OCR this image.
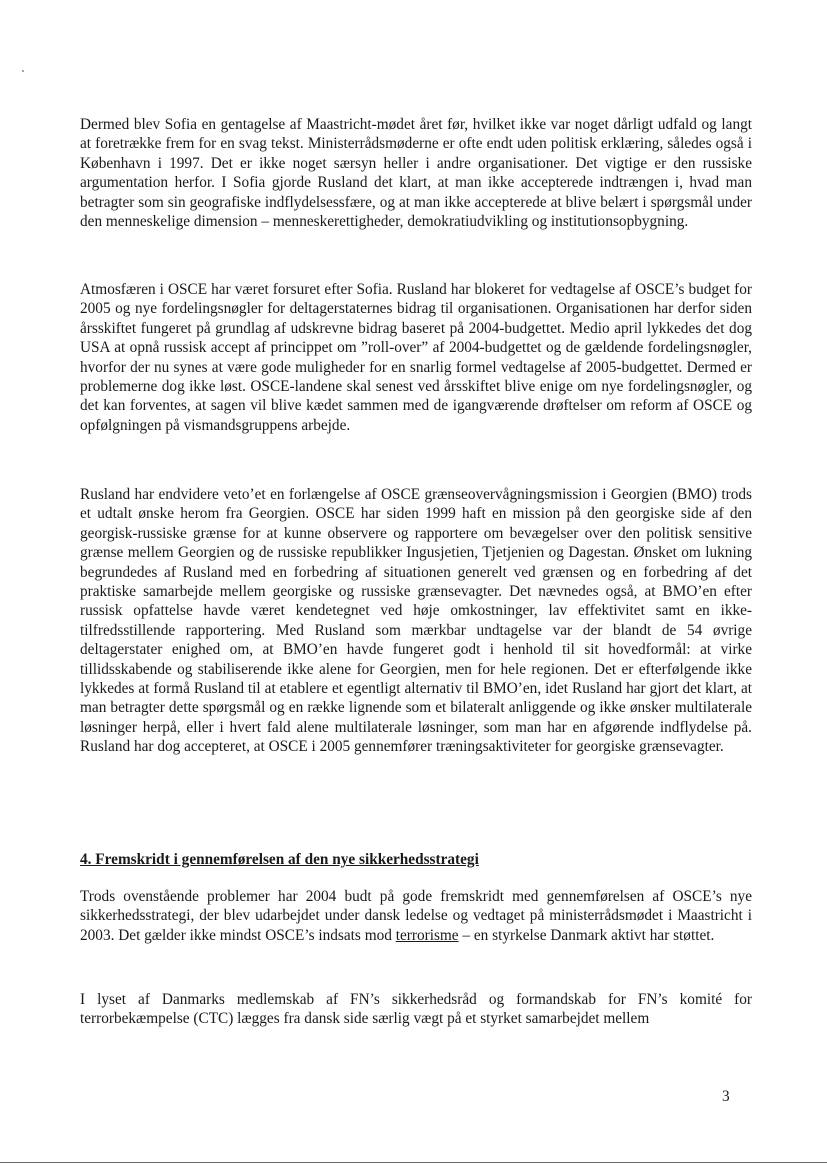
Dermed blev Sofia en gentagelse af Maastricht-mødet året før, hvilket ikke var noget dårligt udfald og langt at foretrække frem for en svag tekst. Ministerrådsmøderne er ofte endt uden politisk erklæring, således også i København i 1997. Det er ikke noget særsyn heller i andre organisationer. Det vigtige er den russiske argumentation herfor. I Sofia gjorde Rusland det klart, at man ikke accepterede indtrængen i, hvad man betragter som sin geografiske indflydelsessfære, og at man ikke accepterede at blive belært i spørgsmål under den menneskelige dimension – menneskerettigheder, demokratiudvikling og institutionsopbygning.

Atmosfæren i OSCE har været forsuret efter Sofia. Rusland har blokeret for vedtagelse af OSCE’s budget for 2005 og nye fordelingsnøgler for deltagerstaternes bidrag til organisationen. Organisationen har derfor siden årsskiftet fungeret på grundlag af udskrevne bidrag baseret på 2004-budgettet. Medio april lykkedes det dog USA at opnå russisk accept af princippet om ”roll-over” af 2004-budgettet og de gældende fordelingsnøgler, hvorfor der nu synes at være gode muligheder for en snarlig formel vedtagelse af 2005-budgettet. Dermed er problemerne dog ikke løst. OSCE-landene skal senest ved årsskiftet blive enige om nye fordelingsnøgler, og det kan forventes, at sagen vil blive kædet sammen med de igangværende drøftelser om reform af OSCE og opfølgningen på vismandsgruppens arbejde.

Rusland har endvidere veto’et en forlængelse af OSCE grænseovervågningsmission i Georgien (BMO) trods et udtalt ønske herom fra Georgien. OSCE har siden 1999 haft en mission på den georgiske side af den georgisk-russiske grænse for at kunne observere og rapportere om bevægelser over den politisk sensitive grænse mellem Georgien og de russiske republikker Ingusjetien, Tjetjenien og Dagestan. Ønsket om lukning begrundedes af Rusland med en forbedring af situationen generelt ved grænsen og en forbedring af det praktiske samarbejde mellem georgiske og russiske grænsevagter. Det nævnedes også, at BMO’en efter russisk opfattelse havde været kendetegnet ved høje omkostninger, lav effektivitet samt en ikke-tilfredsstillende rapportering. Med Rusland som mærkbar undtagelse var der blandt de 54 øvrige deltagerstater enighed om, at BMO’en havde fungeret godt i henhold til sit hovedformål: at virke tillidsskabende og stabiliserende ikke alene for Georgien, men for hele regionen. Det er efterfølgende ikke lykkedes at formå Rusland til at etablere et egentligt alternativ til BMO’en, idet Rusland har gjort det klart, at man betragter dette spørgsmål og en række lignende som et bilateralt anliggende og ikke ønsker multilaterale løsninger herpå, eller i hvert fald alene multilaterale løsninger, som man har en afgørende indflydelse på. Rusland har dog accepteret, at OSCE i 2005 gennemfører træningsaktiviteter for georgiske grænsevagter.

4. Fremskridt i gennemførelsen af den nye sikkerhedsstrategi

Trods ovenstående problemer har 2004 budt på gode fremskridt med gennemførelsen af OSCE’s nye sikkerhedsstrategi, der blev udarbejdet under dansk ledelse og vedtaget på ministerrådsmødet i Maastricht i 2003. Det gælder ikke mindst OSCE’s indsats mod terrorisme – en styrkelse Danmark aktivt har støttet.

I lyset af Danmarks medlemskab af FN’s sikkerhedsråd og formandskab for FN’s komité for terrorbekæmpelse (CTC) lægges fra dansk side særlig vægt på et styrket samarbejdet mellem

3
